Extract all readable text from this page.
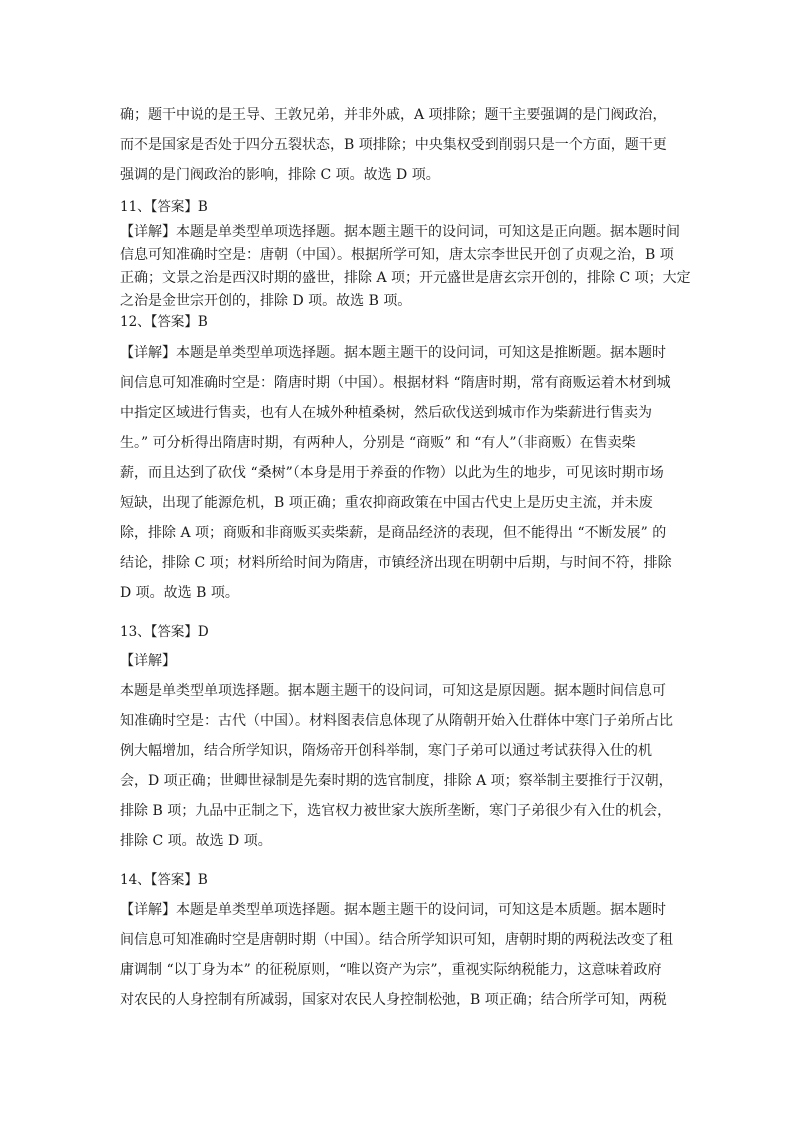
确；题干中说的是王导、王敦兄弟，并非外戚，A 项排除；题干主要强调的是门阀政治，

而不是国家是否处于四分五裂状态，B 项排除；中央集权受到削弱只是一个方面，题干更

强调的是门阀政治的影响，排除 C 项。故选 D 项。

11、【答案】B

【详解】本题是单类型单项选择题。据本题主题干的设问词，可知这是正向题。据本题时间

信息可知准确时空是：唐朝（中国）。根据所学可知，唐太宗李世民开创了贞观之治，B 项

正确；文景之治是西汉时期的盛世，排除 A 项；开元盛世是唐玄宗开创的，排除 C 项；大定

之治是金世宗开创的，排除 D 项。故选 B 项。

12、【答案】B

【详解】本题是单类型单项选择题。据本题主题干的设问词，可知这是推断题。据本题时

间信息可知准确时空是：隋唐时期（中国）。根据材料 “隋唐时期，常有商贩运着木材到城

中指定区域进行售卖，也有人在城外种植桑树，然后砍伐送到城市作为柴薪进行售卖为

生。” 可分析得出隋唐时期，有两种人，分别是 “商贩” 和 “有人”（非商贩）在售卖柴

薪，而且达到了砍伐 “桑树”（本身是用于养蚕的作物）以此为生的地步，可见该时期市场

短缺，出现了能源危机，B 项正确；重农抑商政策在中国古代史上是历史主流，并未废

除，排除 A 项；商贩和非商贩买卖柴薪，是商品经济的表现，但不能得出 “不断发展” 的

结论，排除 C 项；材料所给时间为隋唐，市镇经济出现在明朝中后期，与时间不符，排除

D 项。故选 B 项。

13、【答案】D

【详解】

本题是单类型单项选择题。据本题主题干的设问词，可知这是原因题。据本题时间信息可

知准确时空是：古代（中国）。材料图表信息体现了从隋朝开始入仕群体中寒门子弟所占比

例大幅增加，结合所学知识，隋炀帝开创科举制，寒门子弟可以通过考试获得入仕的机

会，D 项正确；世卿世禄制是先秦时期的选官制度，排除 A 项；察举制主要推行于汉朝，

排除 B 项；九品中正制之下，选官权力被世家大族所垄断，寒门子弟很少有入仕的机会，

排除 C 项。故选 D 项。

14、【答案】B

【详解】本题是单类型单项选择题。据本题主题干的设问词，可知这是本质题。据本题时

间信息可知准确时空是唐朝时期（中国）。结合所学知识可知，唐朝时期的两税法改变了租

庸调制 “以丁身为本” 的征税原则，“唯以资产为宗”，重视实际纳税能力，这意味着政府

对农民的人身控制有所减弱，国家对农民人身控制松弛，B 项正确；结合所学可知，两税
